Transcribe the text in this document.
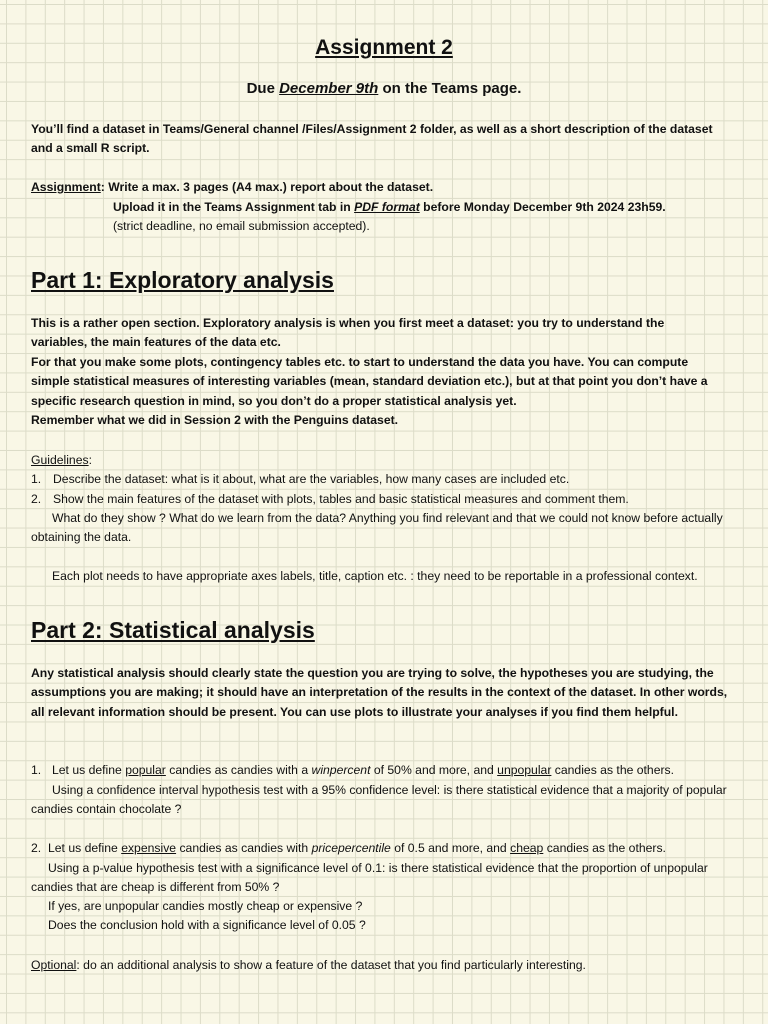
Assignment 2
Due December 9th on the Teams page.
You’ll find a dataset in Teams/General channel /Files/Assignment 2 folder, as well as a short description of the dataset and a small R script.
Assignment: Write a max. 3 pages (A4 max.) report about the dataset.
Upload it in the Teams Assignment tab in PDF format before Monday December 9th 2024 23h59.
(strict deadline, no email submission accepted).
Part 1: Exploratory analysis
This is a rather open section. Exploratory analysis is when you first meet a dataset: you try to understand the variables, the main features of the data etc.
For that you make some plots, contingency tables etc. to start to understand the data you have. You can compute simple statistical measures of interesting variables (mean, standard deviation etc.), but at that point you don’t have a specific research question in mind, so you don’t do a proper statistical analysis yet.
Remember what we did in Session 2 with the Penguins dataset.
Guidelines:
1. Describe the dataset: what is it about, what are the variables, how many cases are included etc.
2. Show the main features of the dataset with plots, tables and basic statistical measures and comment them.
What do they show ? What do we learn from the data? Anything you find relevant and that we could not know before actually obtaining the data.
Each plot needs to have appropriate axes labels, title, caption etc. : they need to be reportable in a professional context.
Part 2: Statistical analysis
Any statistical analysis should clearly state the question you are trying to solve, the hypotheses you are studying, the assumptions you are making; it should have an interpretation of the results in the context of the dataset. In other words, all relevant information should be present. You can use plots to illustrate your analyses if you find them helpful.
1. Let us define popular candies as candies with a winpercent of 50% and more, and unpopular candies as the others.
Using a confidence interval hypothesis test with a 95% confidence level: is there statistical evidence that a majority of popular candies contain chocolate ?
2. Let us define expensive candies as candies with pricepercentile of 0.5 and more, and cheap candies as the others.
Using a p-value hypothesis test with a significance level of 0.1: is there statistical evidence that the proportion of unpopular candies that are cheap is different from 50% ?
If yes, are unpopular candies mostly cheap or expensive ?
Does the conclusion hold with a significance level of 0.05 ?
Optional: do an additional analysis to show a feature of the dataset that you find particularly interesting.
